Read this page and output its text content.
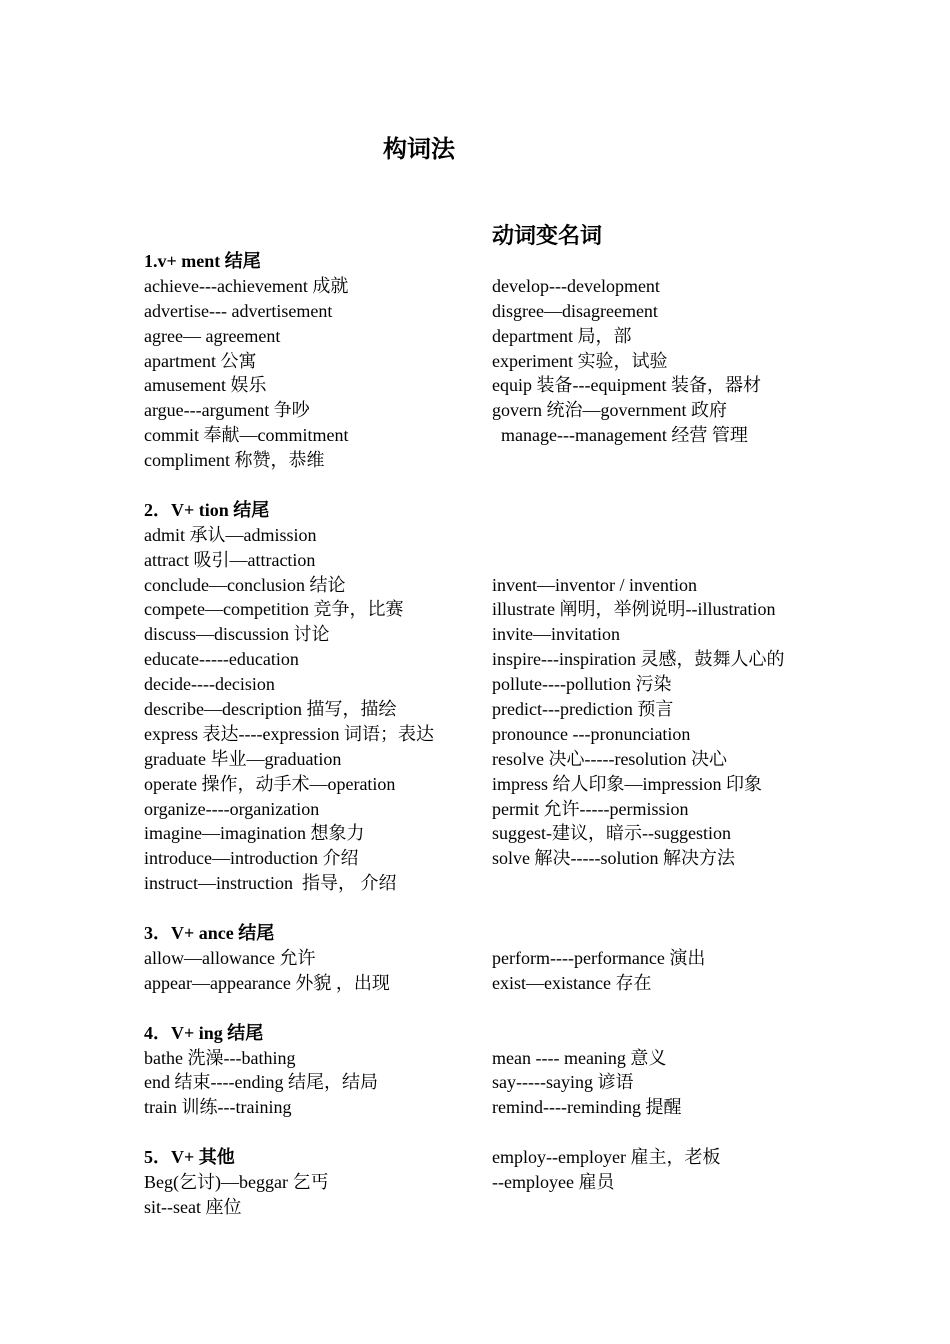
构词法
动词变名词
1.v+ ment 结尾
achieve---achievement 成就
advertise--- advertisement
agree— agreement
apartment 公寓
amusement 娱乐
argue---argument 争吵
commit 奉献—commitment
compliment 称赞，恭维
2．V+ tion 结尾
admit 承认—admission
attract 吸引—attraction
conclude—conclusion 结论
compete—competition 竞争，比赛
discuss—discussion 讨论
educate-----education
decide----decision
describe—description 描写，描绘
express 表达----expression 词语；表达
graduate 毕业—graduation
operate 操作，动手术—operation
organize----organization
imagine—imagination 想象力
introduce—introduction 介绍
instruct—instruction  指导， 介绍
3．V+ ance 结尾
allow—allowance 允许
appear—appearance 外貌 ，出现
4．V+ ing 结尾
bathe 洗澡---bathing
end 结束----ending 结尾，结局
train 训练---training
5．V+ 其他
Beg(乞讨)—beggar 乞丐
sit--seat 座位
develop---development
disgree—disagreement
department 局，部
experiment 实验，试验
equip 装备---equipment 装备，器材
govern 统治—government 政府
manage---management 经营 管理
invent—inventor / invention
illustrate 阐明，举例说明--illustration
invite—invitation
inspire---inspiration 灵感，鼓舞人心的
pollute----pollution 污染
predict---prediction 预言
pronounce ---pronunciation
resolve 决心-----resolution 决心
impress 给人印象—impression 印象
permit 允许-----permission
suggest-建议，暗示--suggestion
solve 解决-----solution 解决方法
perform----performance 演出
exist—existance 存在
mean ---- meaning 意义
say-----saying 谚语
remind----reminding 提醒
employ--employer 雇主，老板
--employee 雇员
